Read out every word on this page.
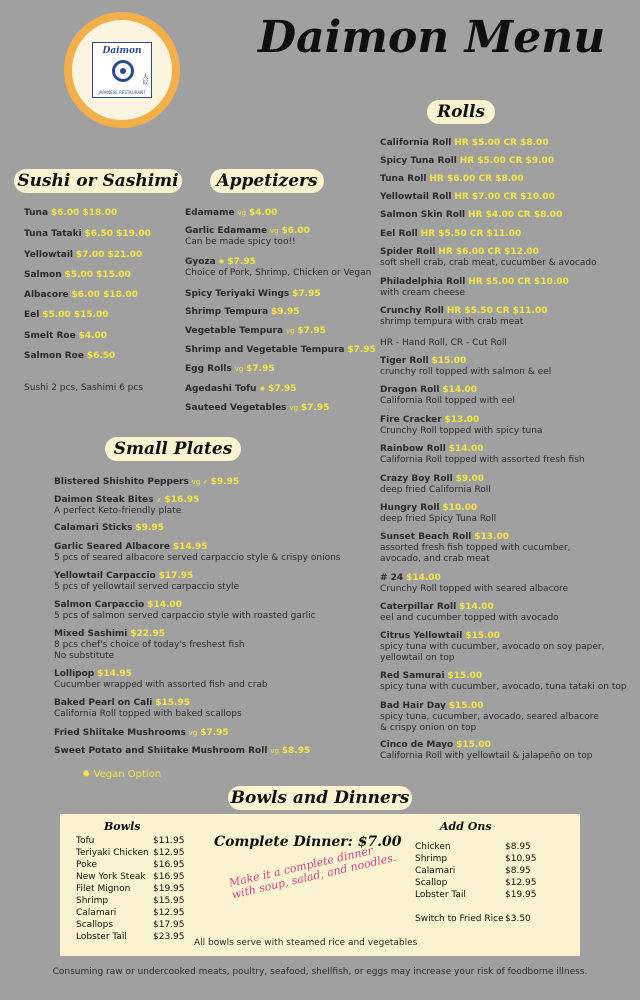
Daimon
大紋
JAPANESE RESTAURANT
Daimon Menu
Sushi or Sashimi	Appetizers
Rolls
Small Plates
Bowls and Dinners
Tuna $6.00 $18.00
Tuna Tataki $6.50 $19.00
Yellowtail $7.00 $21.00
Salmon $5.00 $15.00
Albacore $6.00 $18.00
Eel $5.00 $15.00
Smelt Roe $4.00
Salmon Roe $6.50
Sushi 2 pcs, Sashimi 6 pcs
Edamame vg $4.00
Garlic Edamame vg $6.00
Can be made spicy too!!
Gyoza ✹ $7.95
Choice of Pork, Shrimp, Chicken or Vegan
Spicy Teriyaki Wings $7.95
Shrimp Tempura $9.95
Vegetable Tempura vg $7.95
Shrimp and Vegetable Tempura $7.95
Egg Rolls vg $7.95
Agedashi Tofu ✹ $7.95
Sauteed Vegetables vg $7.95
Blistered Shishito Peppers vg ⸙ $9.95
Daimon Steak Bites ⸙ $16.95
A perfect Keto-friendly plate
Calamari Sticks $9.95
Garlic Seared Albacore $14.95
5 pcs of seared albacore served carpaccio style & crispy onions
Yellowtail Carpaccio $17.95
5 pcs of yellowtail served carpaccio style
Salmon Carpaccio $14.00
5 pcs of salmon served carpaccio style with roasted garlic
Mixed Sashimi $22.95
8 pcs chef's choice of today's freshest fish
No substitute
Lollipop $14.95
Cucumber wrapped with assorted fish and crab
Baked Pearl on Cali $15.95
California Roll topped with baked scallops
Fried Shiitake Mushrooms vg $7.95
Sweet Potato and Shiitake Mushroom Roll vg $8.95
✹ Vegan Option
California Roll HR $5.00 CR $8.00
Spicy Tuna Roll HR $5.00 CR $9.00
Tuna Roll HR $6.00 CR $8.00
Yellowtail Roll HR $7.00 CR $10.00
Salmon Skin Roll HR $4.00 CR $8.00
Eel Roll HR $5.50 CR $11.00
Spider Roll HR $6.00 CR $12.00
soft shell crab, crab meat, cucumber & avocado
Philadelphia Roll HR $5.00 CR $10.00
with cream cheese
Crunchy Roll HR $5.50 CR $11.00
shrimp tempura with crab meat
HR - Hand Roll, CR - Cut Roll
Tiger Roll $15.00
crunchy roll topped with salmon & eel
Dragon Roll $14.00
California Roll topped with eel
Fire Cracker $13.00
Crunchy Roll topped with spicy tuna
Rainbow Roll $14.00
California Roll topped with assorted fresh fish
Crazy Boy Roll $9.00
deep fried California Roll
Hungry Roll $10.00
deep fried Spicy Tuna Roll
Sunset Beach Roll $13.00
assorted fresh fish topped with cucumber,
avocado, and crab meat
# 24 $14.00
Crunchy Roll topped with seared albacore
Caterpillar Roll $14.00
eel and cucumber topped with avocado
Citrus Yellowtail $15.00
spicy tuna with cucumber, avocado on soy paper,
yellowtail on top
Red Samurai $15.00
spicy tuna with cucumber, avocado, tuna tataki on top
Bad Hair Day $15.00
spicy tuna, cucumber, avocado, seared albacore
& crispy onion on top
Cinco de Mayo $15.00
California Roll with yellowtail & jalapeño on top
Bowls
Tofu	$11.95
Teriyaki Chicken	$12.95
Poke	$16.95
New York Steak	$16.95
Filet Mignon	$19.95
Shrimp	$15.95
Calamari	$12.95
Scallops	$17.95
Lobster Tail	$23.95
Complete Dinner: $7.00
Make it a complete dinner with soup, salad, and noodles.
All bowls serve with steamed rice and vegetables
Add Ons
Chicken	$8.95
Shrimp	$10.95
Calamari	$8.95
Scallop	$12.95
Lobster Tail	$19.95
Switch to Fried Rice	$3.50
Consuming raw or undercooked meats, poultry, seafood, shellfish, or eggs may increase your risk of foodborne illness.
